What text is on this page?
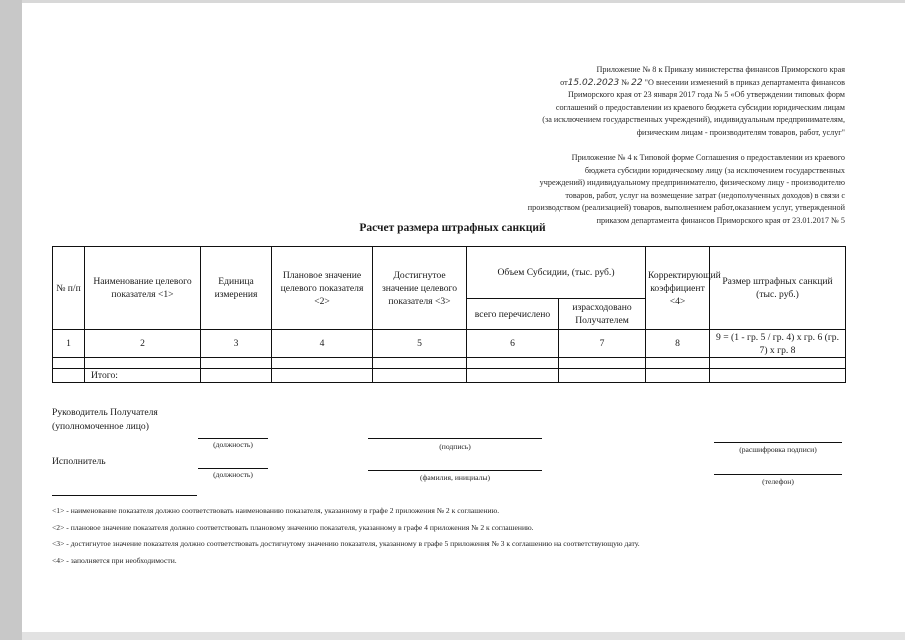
Приложение № 8 к Приказу министерства финансов Приморского края
от15.02.2023 № 22 "О внесении изменений в приказ департамента финансов
Приморского края от 23 января 2017 года № 5 «Об утверждении типовых форм
соглашений о предоставлении из краевого бюджета субсидии юридическим лицам
(за исключением государственных учреждений), индивидуальным предпринимателям,
физическим лицам - производителям товаров, работ, услуг"
Приложение № 4 к Типовой форме Соглашения о предоставлении из краевого
бюджета субсидии юридическому лицу (за исключением государственных
учреждений) индивидуальному предпринимателю, физическому лицу - производителю
товаров, работ, услуг на возмещение затрат (недополученных доходов) в связи с
производством (реализацией) товаров, выполнением работ,оказанием услуг, утвержденной
приказом департамента финансов Приморского края от 23.01.2017 № 5
Расчет размера штрафных санкций
№ п/п	Наименование целевого показателя <1>	Единица измерения	Плановое значение целевого показателя <2>	Достигнутое значение целевого показателя <3>	Объем Субсидии, (тыс. руб.)		Корректирующий коэффициент <4>	Размер штрафных санкций (тыс. руб.)
					всего перечислено	израсходовано Получателем		
1	2	3	4	5	6	7	8	9 = (1 - гр. 5 / гр. 4) x гр. 6 (гр. 7) x гр. 8

	Итого:							
Руководитель Получателя
(уполномоченное лицо)
(должность)	(подпись)	(расшифровка подписи)
Исполнитель
(должность)	(фамилия, инициалы)	(телефон)
<1> - наименование показателя должно соответствовать наименованию показателя, указанному в графе 2 приложения № 2 к соглашению.
<2> - плановое значение показателя должно соответствовать плановому значению показателя, указанному в графе 4 приложения № 2 к соглашению.
<3> - достигнутое значение показателя должно соответствовать достигнутому значению показателя, указанному в графе 5 приложения № 3 к соглашению на соответствующую дату.
<4> - заполняется при необходимости.
